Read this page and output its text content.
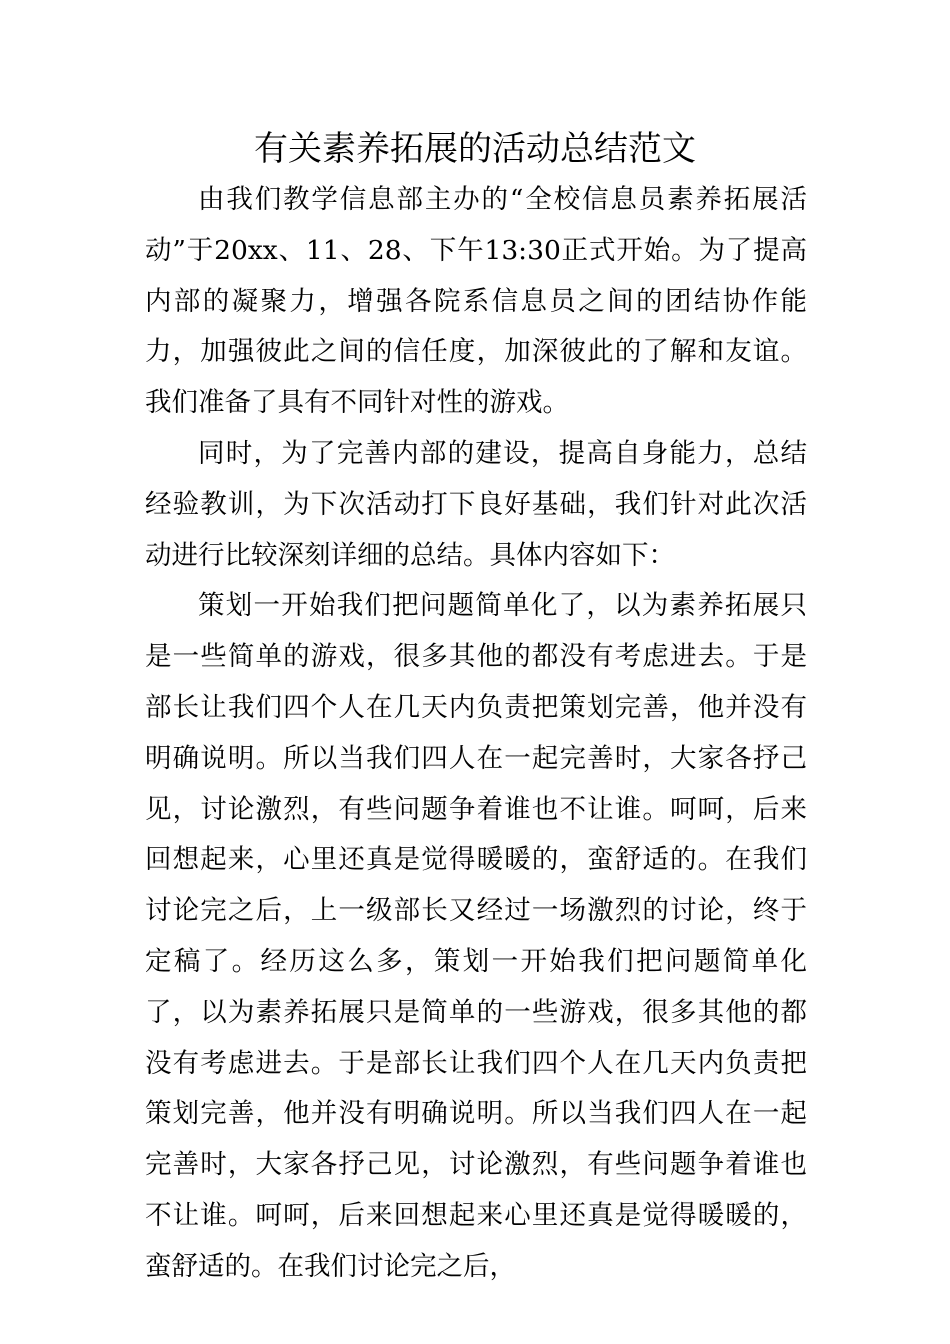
有关素养拓展的活动总结范文

由我们教学信息部主办的“全校信息员素养拓展活动”于20xx、11、28、下午13:30正式开始。为了提高内部的凝聚力，增强各院系信息员之间的团结协作能力，加强彼此之间的信任度，加深彼此的了解和友谊。我们准备了具有不同针对性的游戏。

同时，为了完善内部的建设，提高自身能力，总结经验教训，为下次活动打下良好基础，我们针对此次活动进行比较深刻详细的总结。具体内容如下：

策划一开始我们把问题简单化了，以为素养拓展只是一些简单的游戏，很多其他的都没有考虑进去。于是部长让我们四个人在几天内负责把策划完善，他并没有明确说明。所以当我们四人在一起完善时，大家各抒己见，讨论激烈，有些问题争着谁也不让谁。呵呵，后来回想起来，心里还真是觉得暖暖的，蛮舒适的。在我们讨论完之后，上一级部长又经过一场激烈的讨论，终于定稿了。经历这么多，策划一开始我们把问题简单化了，以为素养拓展只是简单的一些游戏，很多其他的都没有考虑进去。于是部长让我们四个人在几天内负责把策划完善，他并没有明确说明。所以当我们四人在一起完善时，大家各抒己见，讨论激烈，有些问题争着谁也不让谁。呵呵，后来回想起来心里还真是觉得暖暖的，蛮舒适的。在我们讨论完之后，
